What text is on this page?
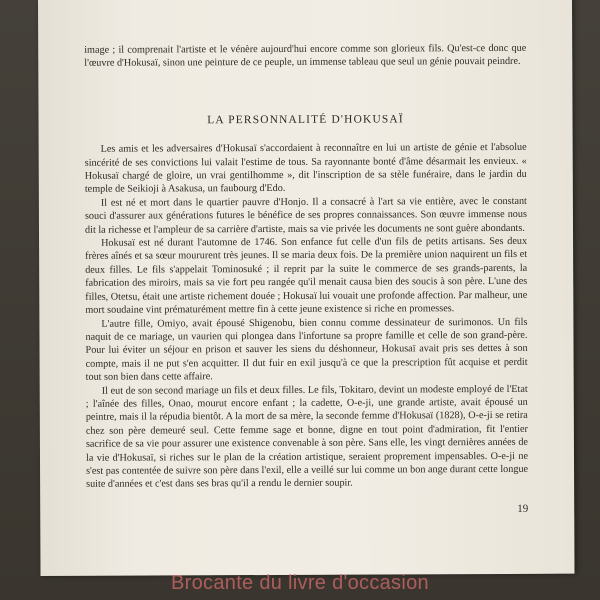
image ; il comprenait l'artiste et le vénère aujourd'hui encore comme son glorieux fils. Qu'est-ce donc que l'œuvre d'Hokusaï, sinon une peinture de ce peuple, un immense tableau que seul un génie pouvait peindre.

LA PERSONNALITÉ D'HOKUSAÏ

Les amis et les adversaires d'Hokusaï s'accordaient à reconnaître en lui un artiste de génie et l'absolue sincérité de ses convictions lui valait l'estime de tous. Sa rayonnante bonté d'âme désarmait les envieux. « Hokusaï chargé de gloire, un vrai gentilhomme », dit l'inscription de sa stèle funéraire, dans le jardin du temple de Seikioji à Asakusa, un faubourg d'Edo.

Il est né et mort dans le quartier pauvre d'Honjo. Il a consacré à l'art sa vie entière, avec le constant souci d'assurer aux générations futures le bénéfice de ses propres connaissances. Son œuvre immense nous dit la richesse et l'ampleur de sa carrière d'artiste, mais sa vie privée les documents ne sont guère abondants.

Hokusaï est né durant l'automne de 1746. Son enfance fut celle d'un fils de petits artisans. Ses deux frères aînés et sa sœur moururent très jeunes. Il se maria deux fois. De la première union naquirent un fils et deux filles. Le fils s'appelait Tominosuké ; il reprit par la suite le commerce de ses grands-parents, la fabrication des miroirs, mais sa vie fort peu rangée qu'il menait causa bien des soucis à son père. L'une des filles, Otetsu, était une artiste richement douée ; Hokusaï lui vouait une profonde affection. Par malheur, une mort soudaine vint prématurément mettre fin à cette jeune existence si riche en promesses.

L'autre fille, Omiyo, avait épousé Shigenobu, bien connu comme dessinateur de surimonos. Un fils naquit de ce mariage, un vaurien qui plongea dans l'infortune sa propre famille et celle de son grand-père. Pour lui éviter un séjour en prison et sauver les siens du déshonneur, Hokusaï avait pris ses dettes à son compte, mais il ne put s'en acquitter. Il dut fuir en exil jusqu'à ce que la prescription fût acquise et perdit tout son bien dans cette affaire.

Il eut de son second mariage un fils et deux filles. Le fils, Tokitaro, devint un modeste employé de l'Etat ; l'aînée des filles, Onao, mourut encore enfant ; la cadette, O-e-ji, une grande artiste, avait épousé un peintre, mais il la répudia bientôt. A la mort de sa mère, la seconde femme d'Hokusaï (1828), O-e-ji se retira chez son père demeuré seul. Cette femme sage et bonne, digne en tout point d'admiration, fit l'entier sacrifice de sa vie pour assurer une existence convenable à son père. Sans elle, les vingt dernières années de la vie d'Hokusaï, si riches sur le plan de la création artistique, seraient proprement impensables. O-e-ji ne s'est pas contentée de suivre son père dans l'exil, elle a veillé sur lui comme un bon ange durant cette longue suite d'années et c'est dans ses bras qu'il a rendu le dernier soupir.

19
Brocante du livre d'occasion
